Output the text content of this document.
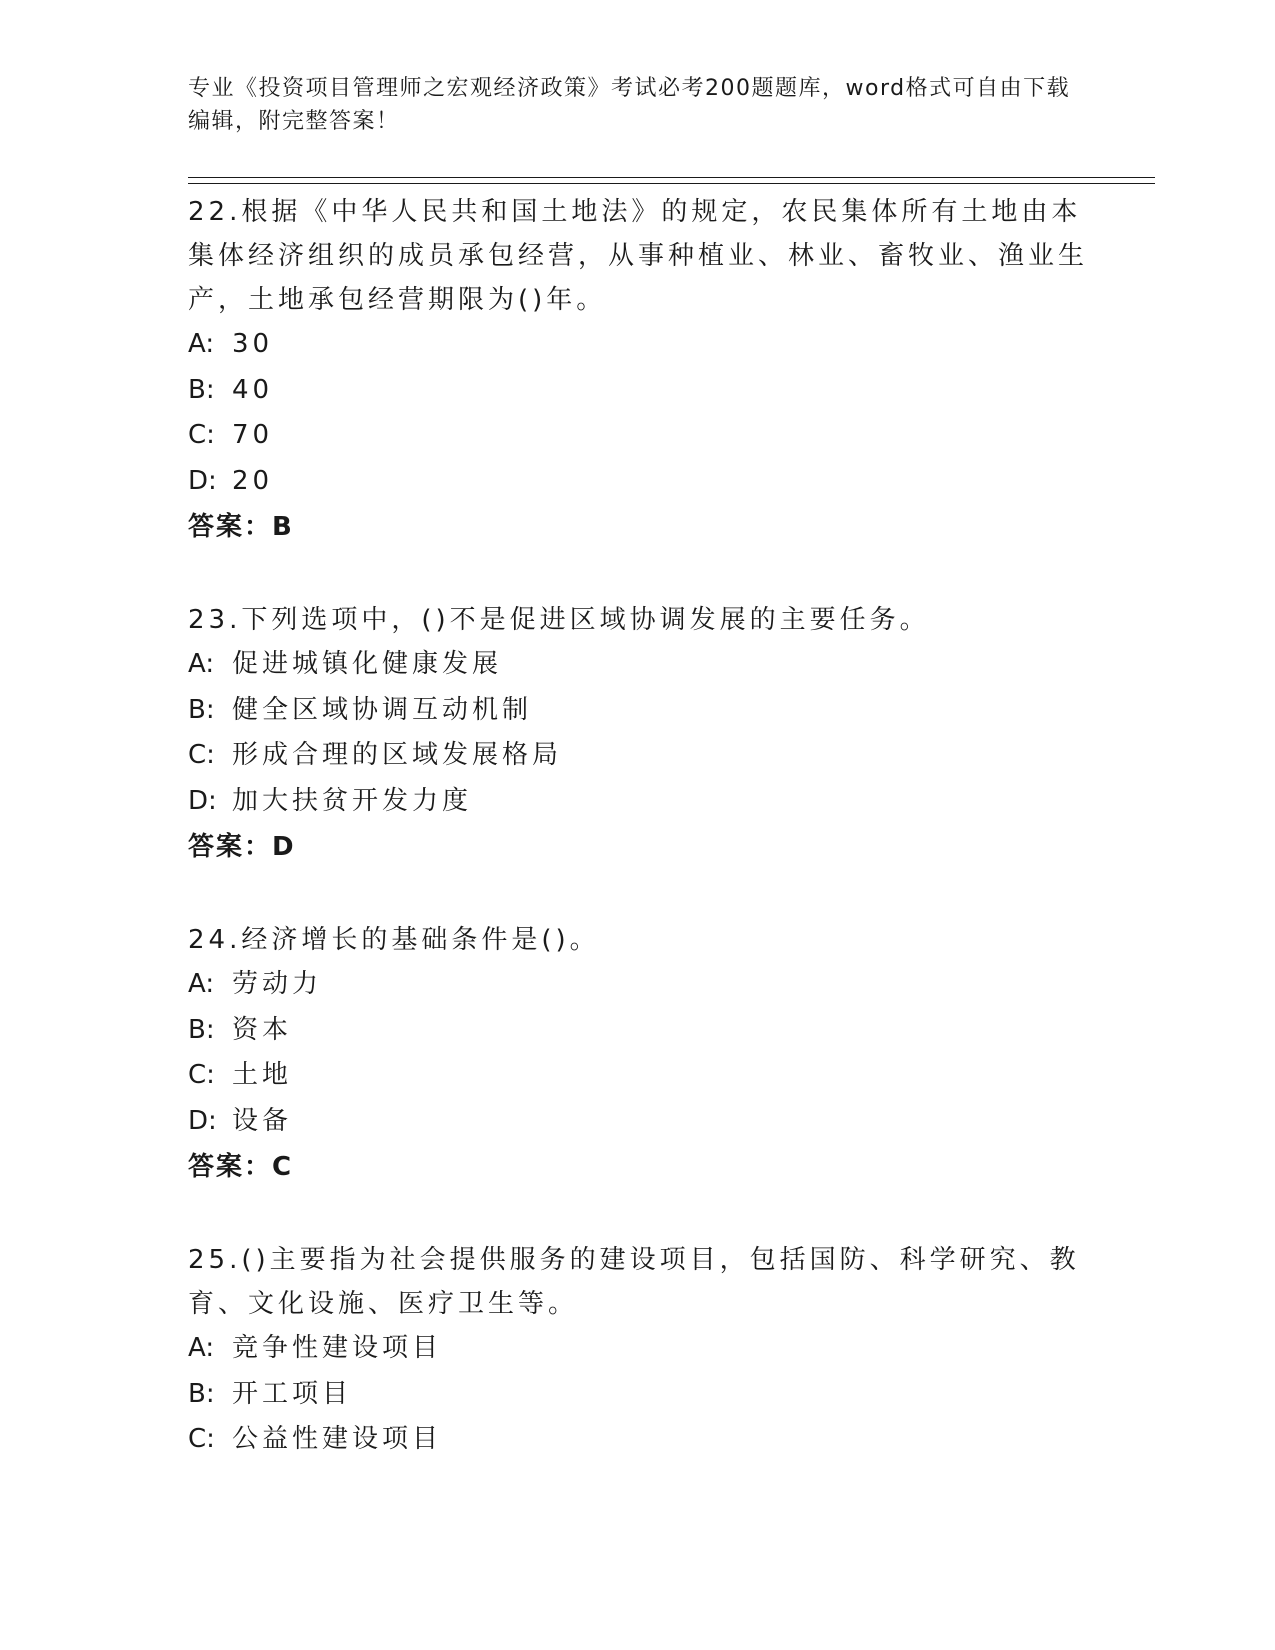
专业《投资项目管理师之宏观经济政策》考试必考200题题库，word格式可自由下载编辑，附完整答案！
22.根据《中华人民共和国土地法》的规定，农民集体所有土地由本集体经济组织的成员承包经营，从事种植业、林业、畜牧业、渔业生产，土地承包经营期限为()年。
A: 30
B: 40
C: 70
D: 20
答案：B
23.下列选项中，()不是促进区域协调发展的主要任务。
A: 促进城镇化健康发展
B: 健全区域协调互动机制
C: 形成合理的区域发展格局
D: 加大扶贫开发力度
答案：D
24.经济增长的基础条件是()。
A: 劳动力
B: 资本
C: 土地
D: 设备
答案：C
25.()主要指为社会提供服务的建设项目，包括国防、科学研究、教育、文化设施、医疗卫生等。
A: 竞争性建设项目
B: 开工项目
C: 公益性建设项目
